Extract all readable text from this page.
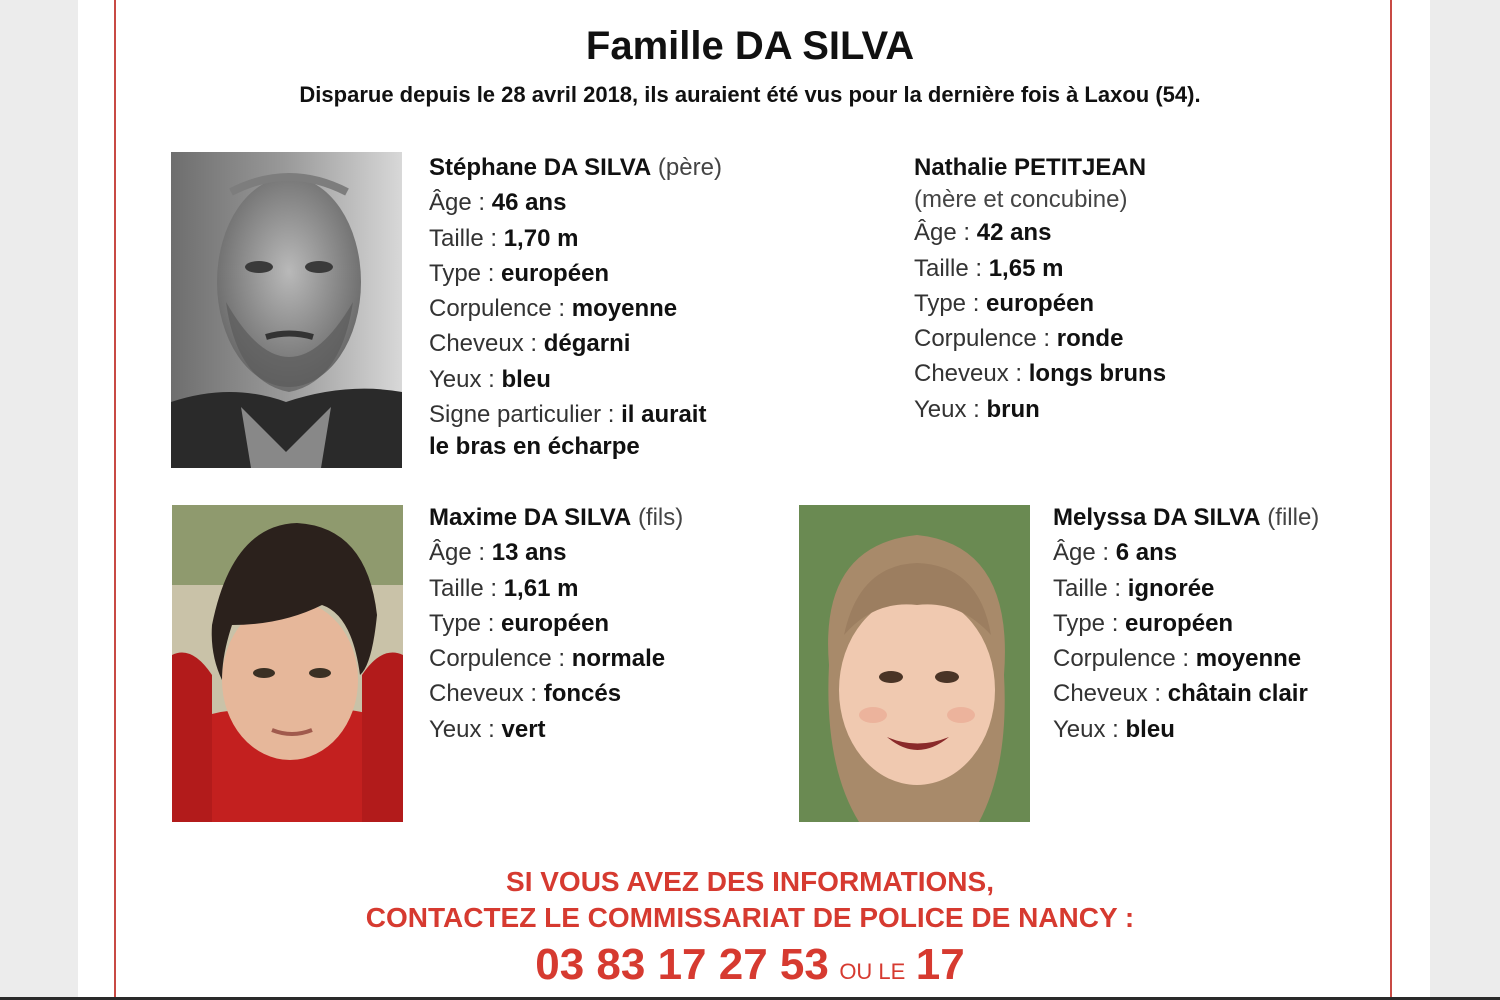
Famille DA SILVA
Disparue depuis le 28 avril 2018, ils auraient été vus pour la dernière fois à Laxou (54).
Stéphane DA SILVA (père)
Âge : 46 ans
Taille : 1,70 m
Type : européen
Corpulence : moyenne
Cheveux : dégarni
Yeux : bleu
Signe particulier : il aurait
le bras en écharpe
Nathalie PETITJEAN
(mère et concubine)
Âge : 42 ans
Taille : 1,65 m
Type : européen
Corpulence : ronde
Cheveux : longs bruns
Yeux : brun
Maxime DA SILVA (fils)
Âge : 13 ans
Taille : 1,61 m
Type : européen
Corpulence : normale
Cheveux : foncés
Yeux : vert
Melyssa DA SILVA (fille)
Âge : 6 ans
Taille : ignorée
Type : européen
Corpulence : moyenne
Cheveux : châtain clair
Yeux : bleu
SI VOUS AVEZ DES INFORMATIONS,
CONTACTEZ LE COMMISSARIAT DE POLICE DE NANCY :
03 83 17 27 53 OU LE 17
